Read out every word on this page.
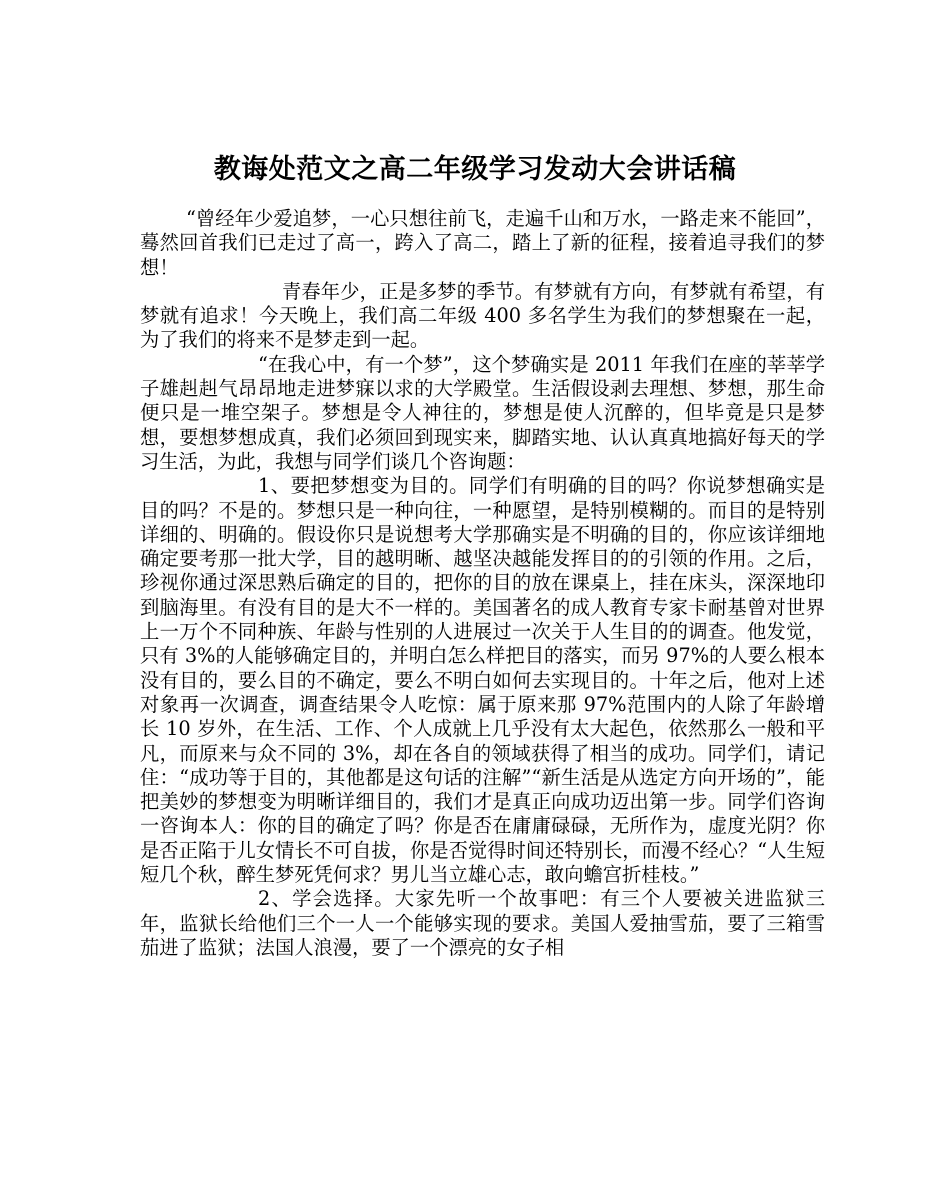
教诲处范文之高二年级学习发动大会讲话稿

“曾经年少爱追梦，一心只想往前飞，走遍千山和万水，一路走来不能回”，蓦然回首我们已走过了高一，跨入了高二，踏上了新的征程，接着追寻我们的梦想！

青春年少，正是多梦的季节。有梦就有方向，有梦就有希望，有梦就有追求！今天晚上，我们高二年级 400 多名学生为我们的梦想聚在一起，为了我们的将来不是梦走到一起。

“在我心中，有一个梦”，这个梦确实是 2011 年我们在座的莘莘学子雄赳赳气昂昂地走进梦寐以求的大学殿堂。生活假设剥去理想、梦想，那生命便只是一堆空架子。梦想是令人神往的，梦想是使人沉醉的，但毕竟是只是梦想，要想梦想成真，我们必须回到现实来，脚踏实地、认认真真地搞好每天的学习生活，为此，我想与同学们谈几个咨询题：

1、要把梦想变为目的。同学们有明确的目的吗？你说梦想确实是目的吗？不是的。梦想只是一种向往，一种愿望，是特别模糊的。而目的是特别详细的、明确的。假设你只是说想考大学那确实是不明确的目的，你应该详细地确定要考那一批大学，目的越明晰、越坚决越能发挥目的的引领的作用。之后，珍视你通过深思熟后确定的目的，把你的目的放在课桌上，挂在床头，深深地印到脑海里。有没有目的是大不一样的。美国著名的成人教育专家卡耐基曾对世界上一万个不同种族、年龄与性别的人进展过一次关于人生目的的调查。他发觉，只有 3%的人能够确定目的，并明白怎么样把目的落实，而另 97%的人要么根本没有目的，要么目的不确定，要么不明白如何去实现目的。十年之后，他对上述对象再一次调查，调查结果令人吃惊：属于原来那 97%范围内的人除了年龄增长 10 岁外，在生活、工作、个人成就上几乎没有太大起色，依然那么一般和平凡，而原来与众不同的 3%，却在各自的领域获得了相当的成功。同学们，请记住：“成功等于目的，其他都是这句话的注解”“新生活是从选定方向开场的”，能把美妙的梦想变为明晰详细目的，我们才是真正向成功迈出第一步。同学们咨询一咨询本人：你的目的确定了吗？你是否在庸庸碌碌，无所作为，虚度光阴？你是否正陷于儿女情长不可自拔，你是否觉得时间还特别长，而漫不经心？“人生短短几个秋，醉生梦死凭何求？男儿当立雄心志，敢向蟾宫折桂枝。”

2、学会选择。大家先听一个故事吧：有三个人要被关进监狱三年，监狱长给他们三个一人一个能够实现的要求。美国人爱抽雪茄，要了三箱雪茄进了监狱；法国人浪漫，要了一个漂亮的女子相
